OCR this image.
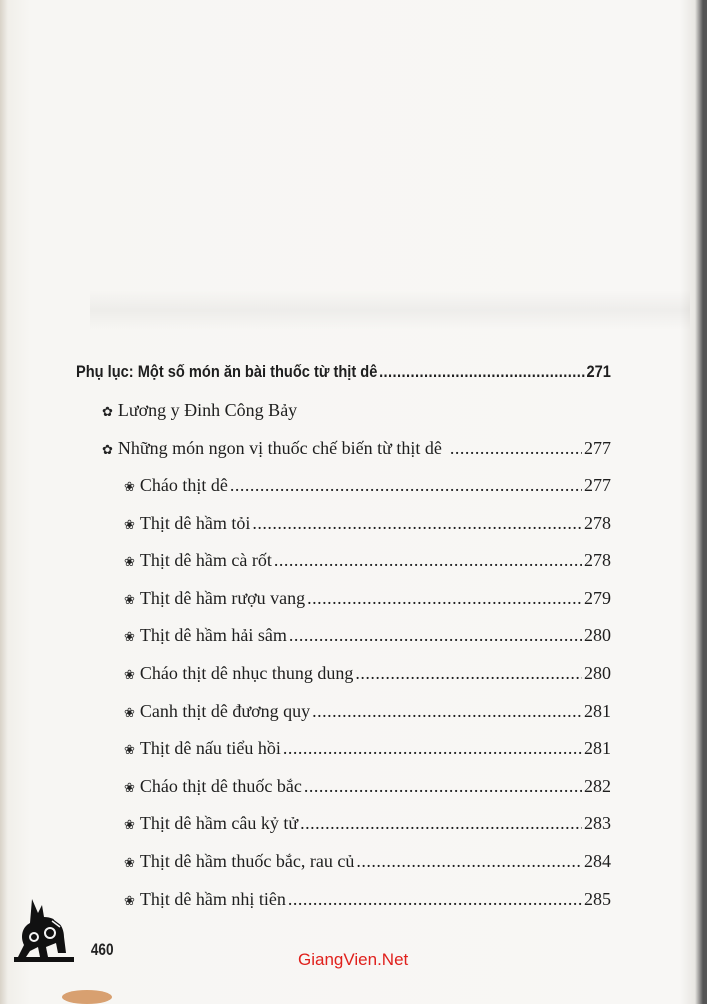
Phụ lục: Một số món ăn bài thuốc từ thịt dê .....	271
✿ Lương y Đinh Công Bảy
✿ Những món ngon vị thuốc chế biến từ thịt dê .....	277
❀ Cháo thịt dê .....	277
❀ Thịt dê hầm tỏi .....	278
❀ Thịt dê hầm cà rốt .....	278
❀ Thịt dê hầm rượu vang .....	279
❀ Thịt dê hầm hải sâm .....	280
❀ Cháo thịt dê nhục thung dung .....	280
❀ Canh thịt dê đương quy .....	281
❀ Thịt dê nấu tiểu hồi .....	281
❀ Cháo thịt dê thuốc bắc .....	282
❀ Thịt dê hầm câu kỷ tử .....	283
❀ Thịt dê hầm thuốc bắc, rau củ .....	284
❀ Thịt dê hầm nhị tiên .....	285
460
GiangVien.Net
